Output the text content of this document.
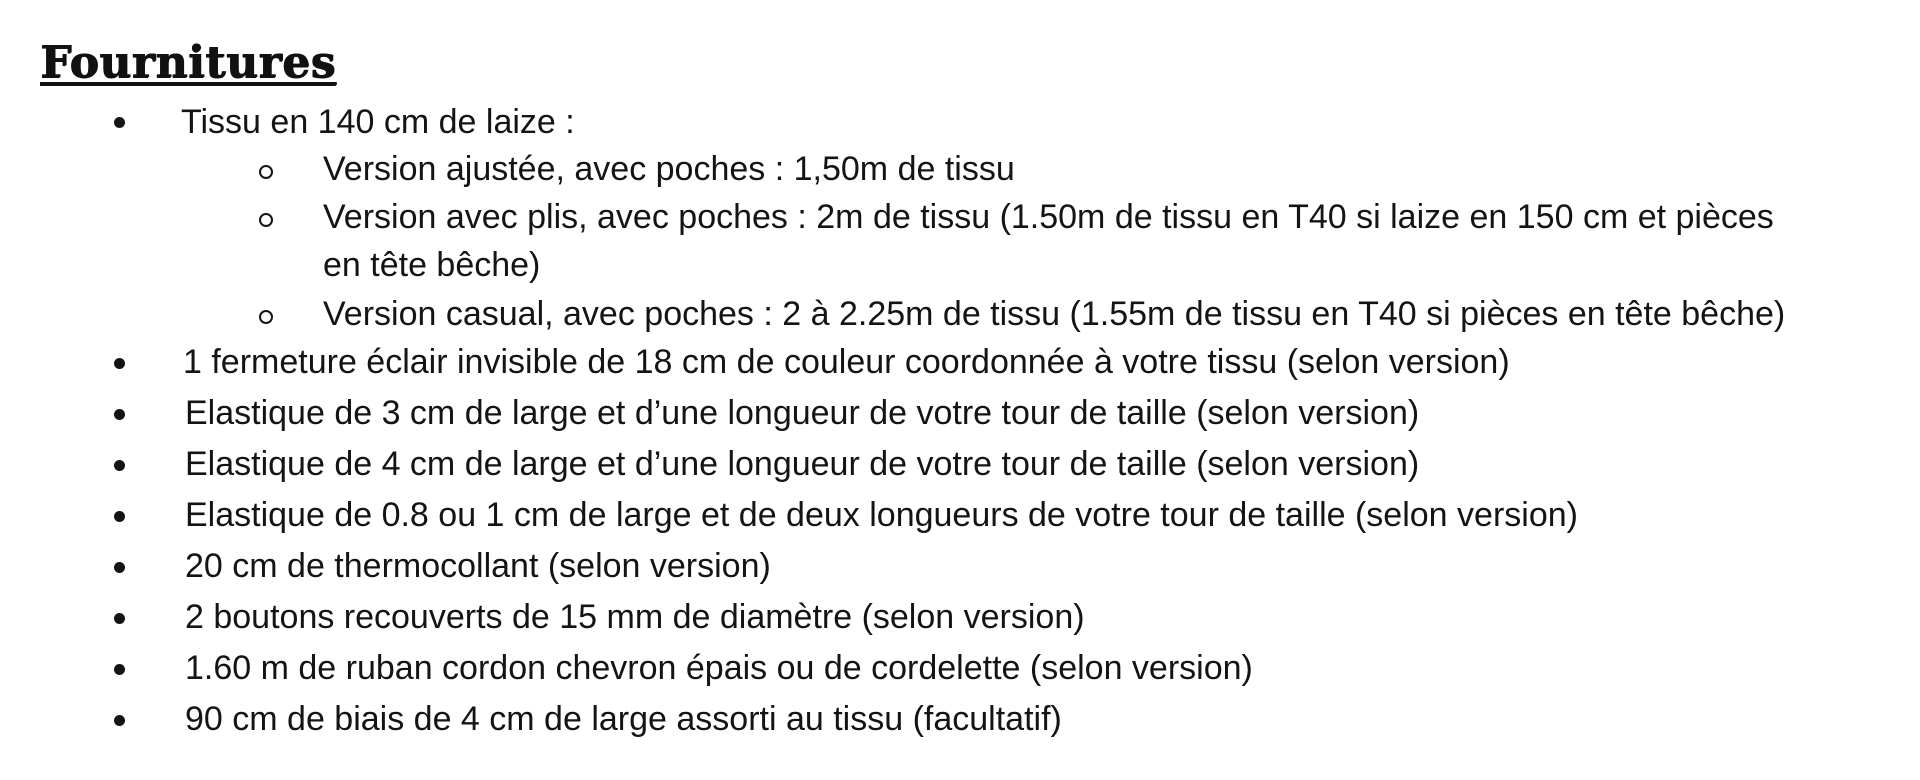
Fournitures
Tissu en 140 cm de laize :
Version ajustée, avec poches : 1,50m de tissu
Version avec plis, avec poches : 2m de tissu (1.50m de tissu en T40 si laize en 150 cm et pièces
en tête bêche)
Version casual, avec poches : 2 à 2.25m de tissu (1.55m de tissu en T40 si pièces en tête bêche)
1 fermeture éclair invisible de 18 cm de couleur coordonnée à votre tissu (selon version)
Elastique de 3 cm de large et d’une longueur de votre tour de taille (selon version)
Elastique de 4 cm de large et d’une longueur de votre tour de taille (selon version)
Elastique de 0.8 ou 1 cm de large et de deux longueurs de votre tour de taille (selon version)
20 cm de thermocollant (selon version)
2 boutons recouverts de 15 mm de diamètre (selon version)
1.60 m de ruban cordon chevron épais ou de cordelette (selon version)
90 cm de biais de 4 cm de large assorti au tissu (facultatif)
